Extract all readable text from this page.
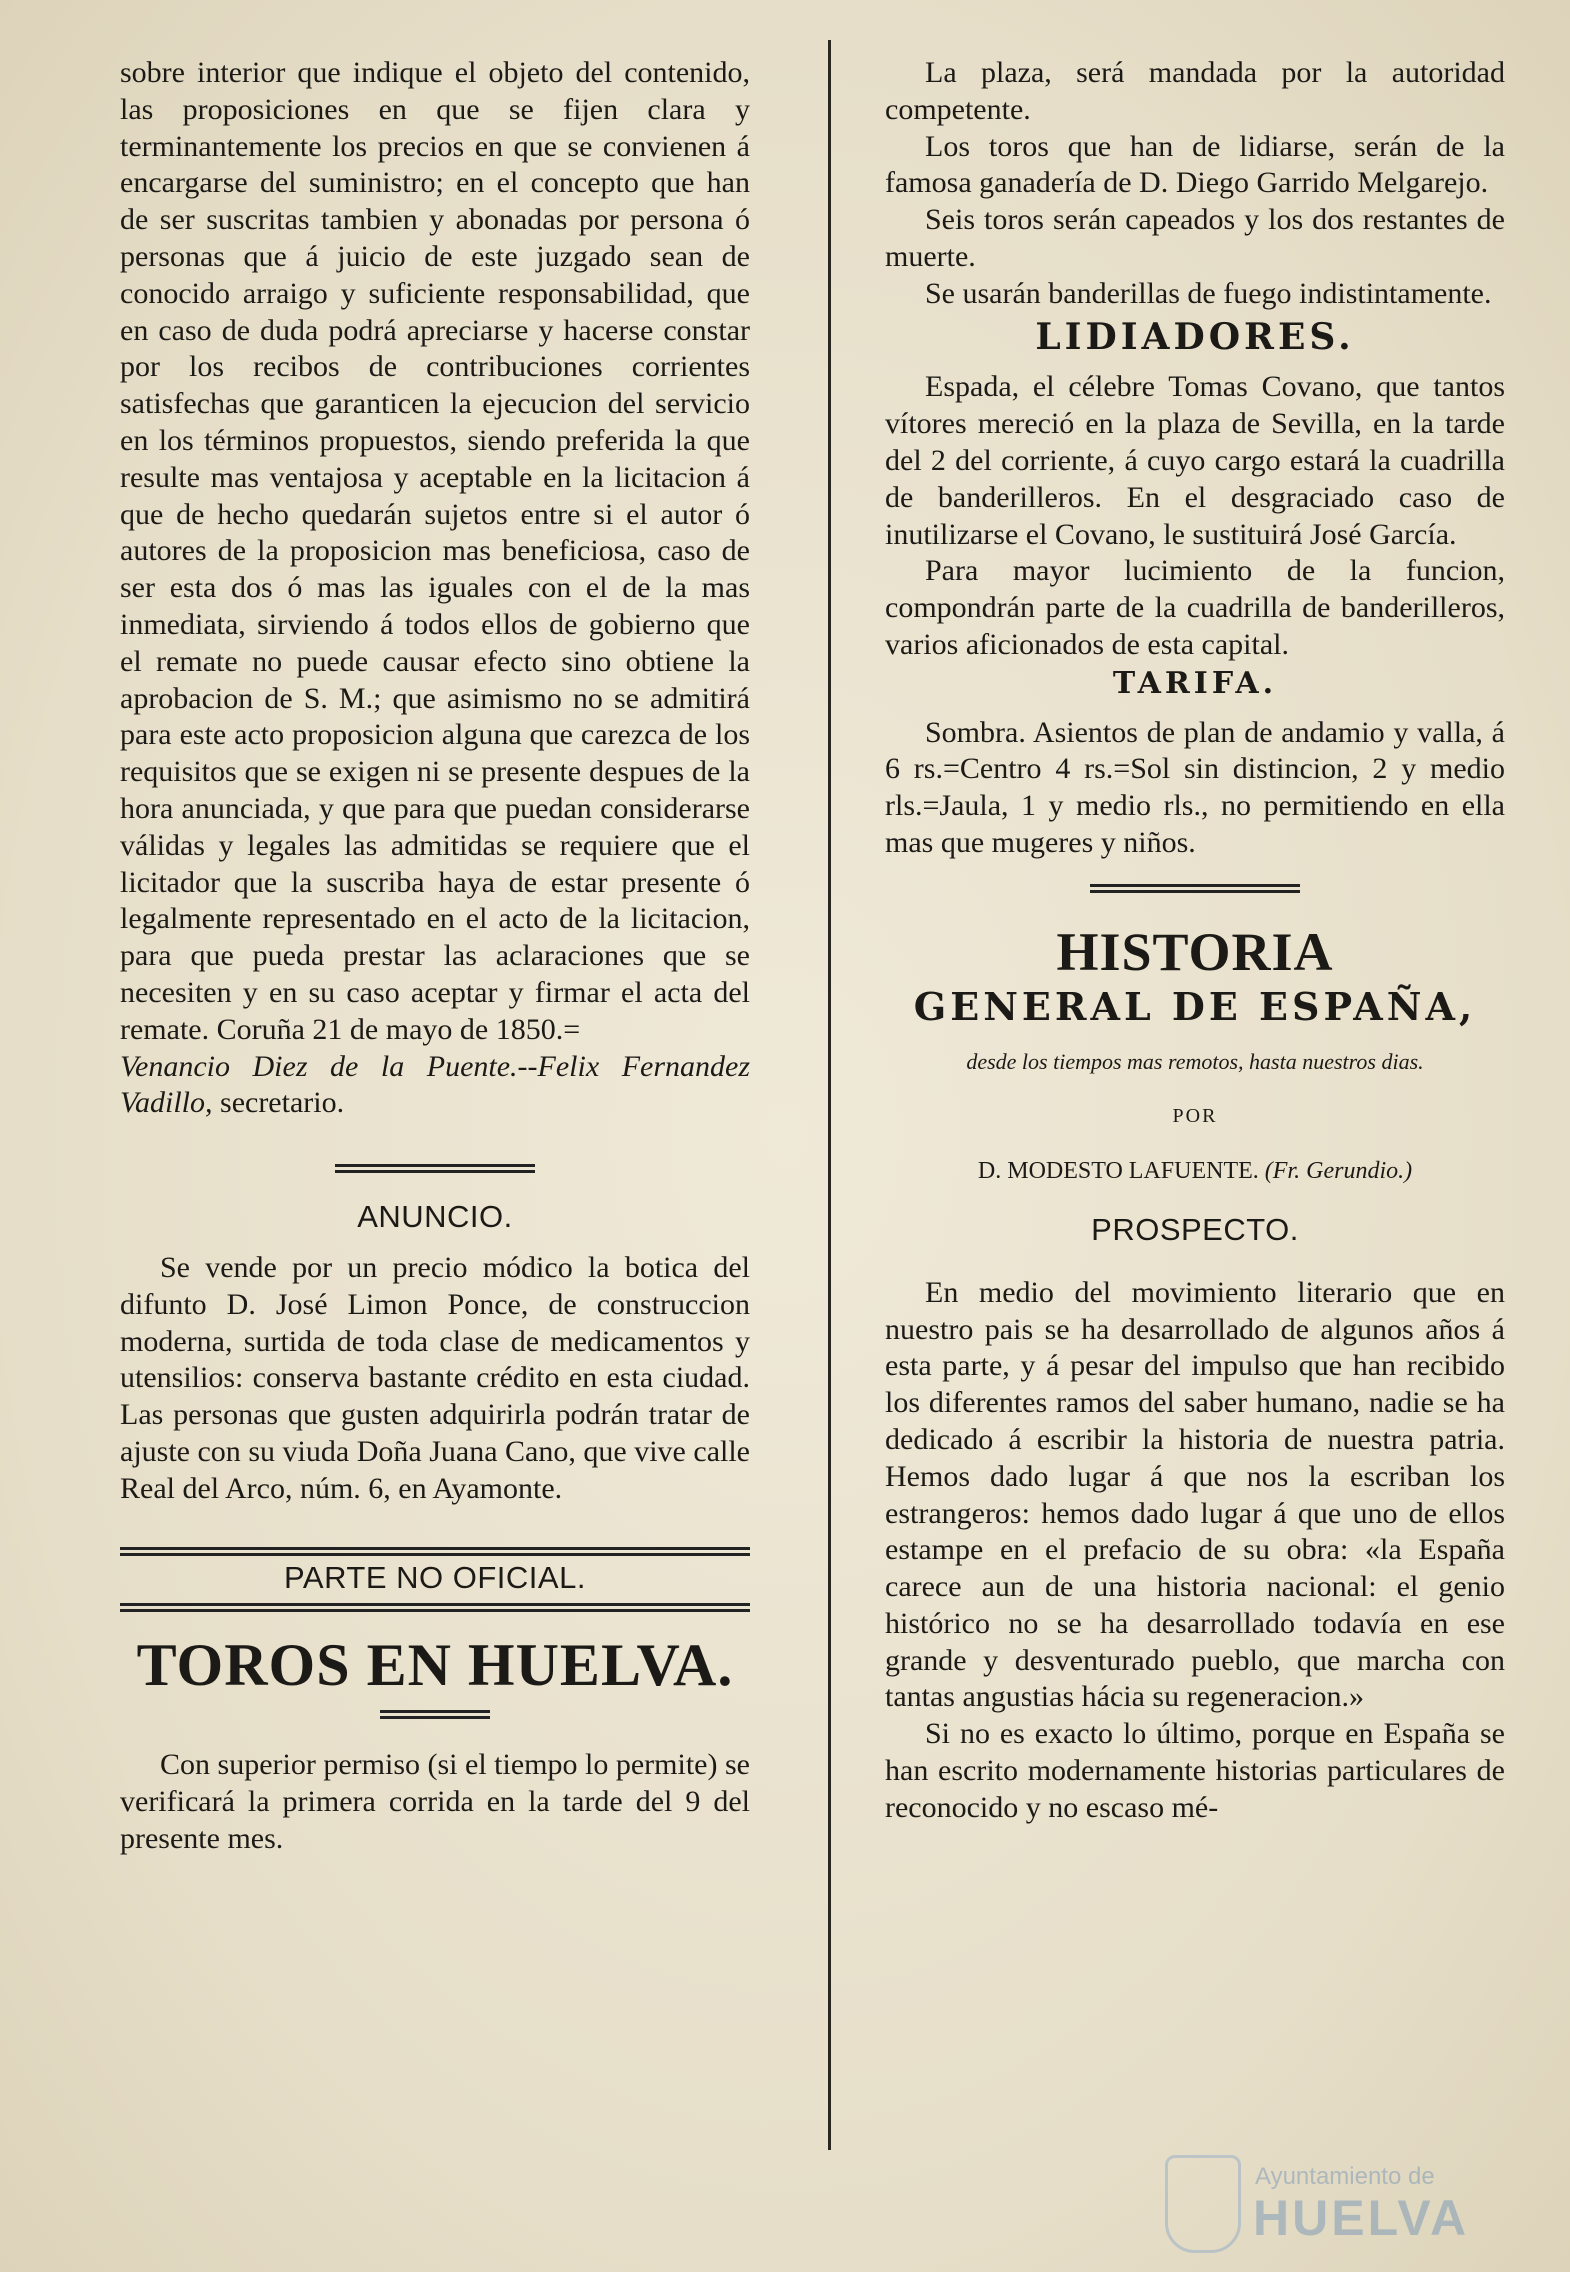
sobre interior que indique el objeto del contenido, las proposiciones en que se fijen clara y terminantemente los precios en que se convienen á encargarse del suministro; en el concepto que han de ser suscritas tambien y abonadas por persona ó personas que á juicio de este juzgado sean de conocido arraigo y suficiente responsabilidad, que en caso de duda podrá apreciarse y hacerse constar por los recibos de contribuciones corrientes satisfechas que garanticen la ejecucion del servicio en los términos propuestos, siendo preferida la que resulte mas ventajosa y aceptable en la licitacion á que de hecho quedarán sujetos entre si el autor ó autores de la proposicion mas beneficiosa, caso de ser esta dos ó mas las iguales con el de la mas inmediata, sirviendo á todos ellos de gobierno que el remate no puede causar efecto sino obtiene la aprobacion de S. M.; que asimismo no se admitirá para este acto proposicion alguna que carezca de los requisitos que se exigen ni se presente despues de la hora anunciada, y que para que puedan considerarse válidas y legales las admitidas se requiere que el licitador que la suscriba haya de estar presente ó legalmente representado en el acto de la licitacion, para que pueda prestar las aclaraciones que se necesiten y en su caso aceptar y firmar el acta del remate. Coruña 21 de mayo de 1850.=

Venancio Diez de la Puente.--Felix Fernandez Vadillo, secretario.

ANUNCIO.

Se vende por un precio módico la botica del difunto D. José Limon Ponce, de construccion moderna, surtida de toda clase de medicamentos y utensilios: conserva bastante crédito en esta ciudad. Las personas que gusten adquirirla podrán tratar de ajuste con su viuda Doña Juana Cano, que vive calle Real del Arco, núm. 6, en Ayamonte.

PARTE NO OFICIAL.

TOROS EN HUELVA.

Con superior permiso (si el tiempo lo permite) se verificará la primera corrida en la tarde del 9 del presente mes.

La plaza, será mandada por la autoridad competente.

Los toros que han de lidiarse, serán de la famosa ganadería de D. Diego Garrido Melgarejo.

Seis toros serán capeados y los dos restantes de muerte.

Se usarán banderillas de fuego indistintamente.

LIDIADORES.

Espada, el célebre Tomas Covano, que tantos vítores mereció en la plaza de Sevilla, en la tarde del 2 del corriente, á cuyo cargo estará la cuadrilla de banderilleros. En el desgraciado caso de inutilizarse el Covano, le sustituirá José García.

Para mayor lucimiento de la funcion, compondrán parte de la cuadrilla de banderilleros, varios aficionados de esta capital.

TARIFA.

Sombra. Asientos de plan de andamio y valla, á 6 rs.=Centro 4 rs.=Sol sin distincion, 2 y medio rls.=Jaula, 1 y medio rls., no permitiendo en ella mas que mugeres y niños.

HISTORIA

GENERAL DE ESPAÑA,

desde los tiempos mas remotos, hasta nuestros dias.

POR

D. MODESTO LAFUENTE. (Fr. Gerundio.)

PROSPECTO.

En medio del movimiento literario que en nuestro pais se ha desarrollado de algunos años á esta parte, y á pesar del impulso que han recibido los diferentes ramos del saber humano, nadie se ha dedicado á escribir la historia de nuestra patria. Hemos dado lugar á que nos la escriban los estrangeros: hemos dado lugar á que uno de ellos estampe en el prefacio de su obra: «la España carece aun de una historia nacional: el genio histórico no se ha desarrollado todavía en ese grande y desventurado pueblo, que marcha con tantas angustias hácia su regeneracion.»

Si no es exacto lo último, porque en España se han escrito modernamente historias particulares de reconocido y no escaso mé-

Ayuntamiento de
HUELVA
